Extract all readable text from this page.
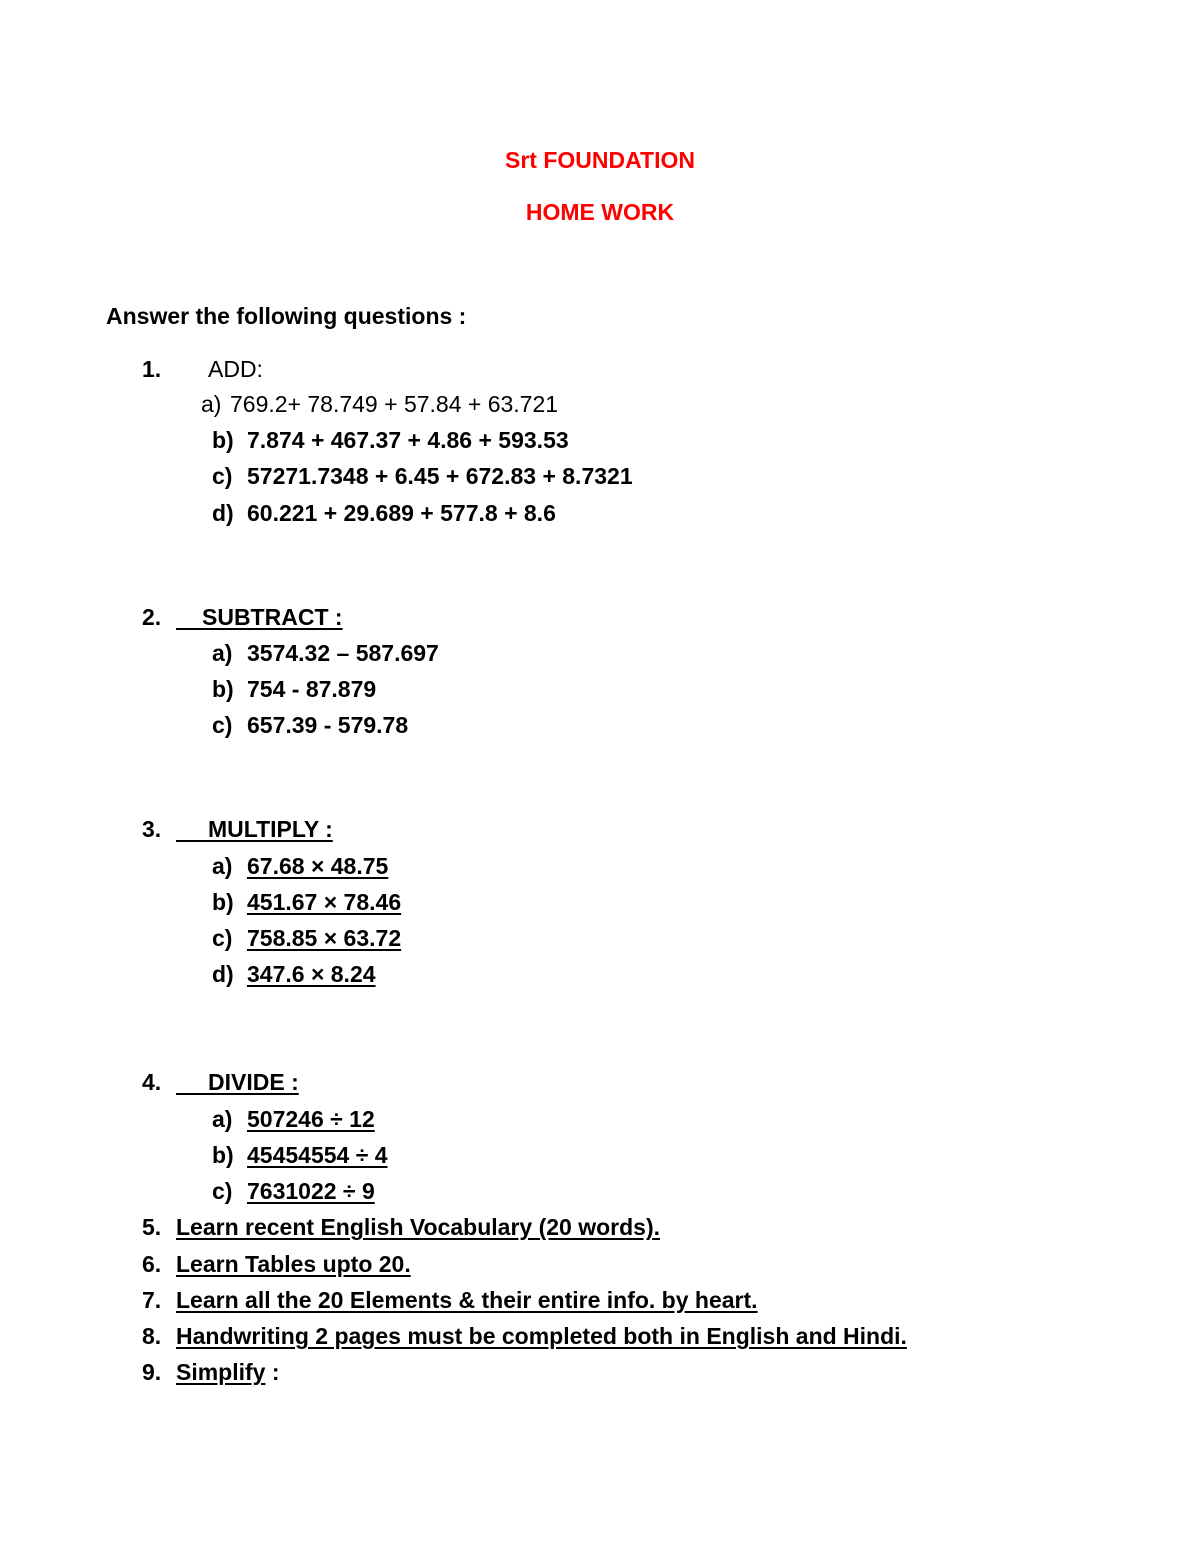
Srt FOUNDATION
HOME WORK
Answer the following questions :
1. ADD:
a) 769.2+ 78.749 + 57.84 + 63.721
b) 7.874 + 467.37 + 4.86 + 593.53
c) 57271.7348 + 6.45 + 672.83 + 8.7321
d) 60.221 + 29.689 + 577.8 + 8.6
2. SUBTRACT :
a) 3574.32 – 587.697
b) 754 - 87.879
c) 657.39 - 579.78
3. MULTIPLY :
a) 67.68 × 48.75
b) 451.67 × 78.46
c) 758.85 × 63.72
d) 347.6 × 8.24
4. DIVIDE :
a) 507246 ÷ 12
b) 45454554 ÷ 4
c) 7631022 ÷ 9
5. Learn recent English Vocabulary (20 words).
6. Learn Tables upto 20.
7. Learn all the 20 Elements & their entire info. by heart.
8. Handwriting 2 pages must be completed both in English and Hindi.
9. Simplify :
